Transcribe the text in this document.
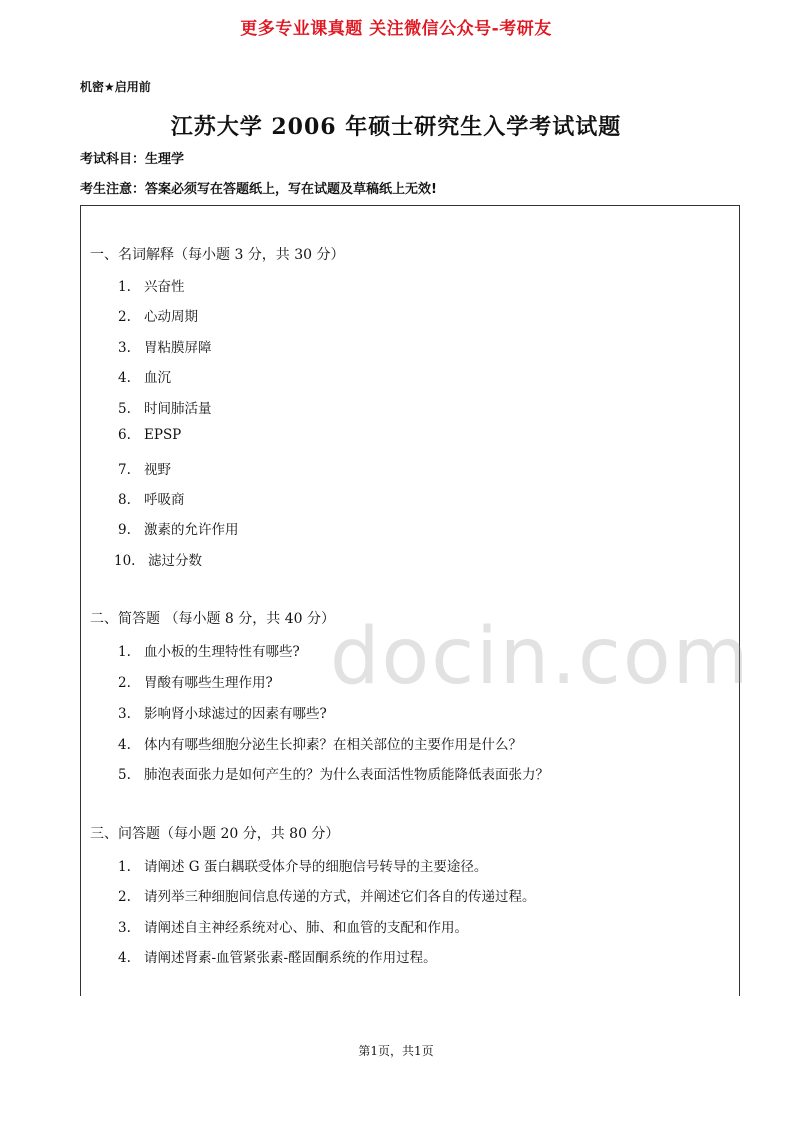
更多专业课真题 关注微信公众号-考研友
机密★启用前
江苏大学 2006 年硕士研究生入学考试试题
考试科目：生理学
考生注意：答案必须写在答题纸上，写在试题及草稿纸上无效!
一、名词解释（每小题 3 分，共 30 分）
1. 兴奋性
2. 心动周期
3. 胃粘膜屏障
4. 血沉
5. 时间肺活量
6. EPSP
7. 视野
8. 呼吸商
9. 激素的允许作用
10. 滤过分数
二、简答题 （每小题 8 分，共 40 分）
1. 血小板的生理特性有哪些?
2. 胃酸有哪些生理作用?
3. 影响肾小球滤过的因素有哪些?
4. 体内有哪些细胞分泌生长抑素？在相关部位的主要作用是什么？
5. 肺泡表面张力是如何产生的？为什么表面活性物质能降低表面张力？
三、问答题（每小题 20 分，共 80 分）
1. 请阐述 G 蛋白耦联受体介导的细胞信号转导的主要途径。
2. 请列举三种细胞间信息传递的方式，并阐述它们各自的传递过程。
3. 请阐述自主神经系统对心、肺、和血管的支配和作用。
4. 请阐述肾素-血管紧张素-醛固酮系统的作用过程。
docin.com
第1页，共1页
